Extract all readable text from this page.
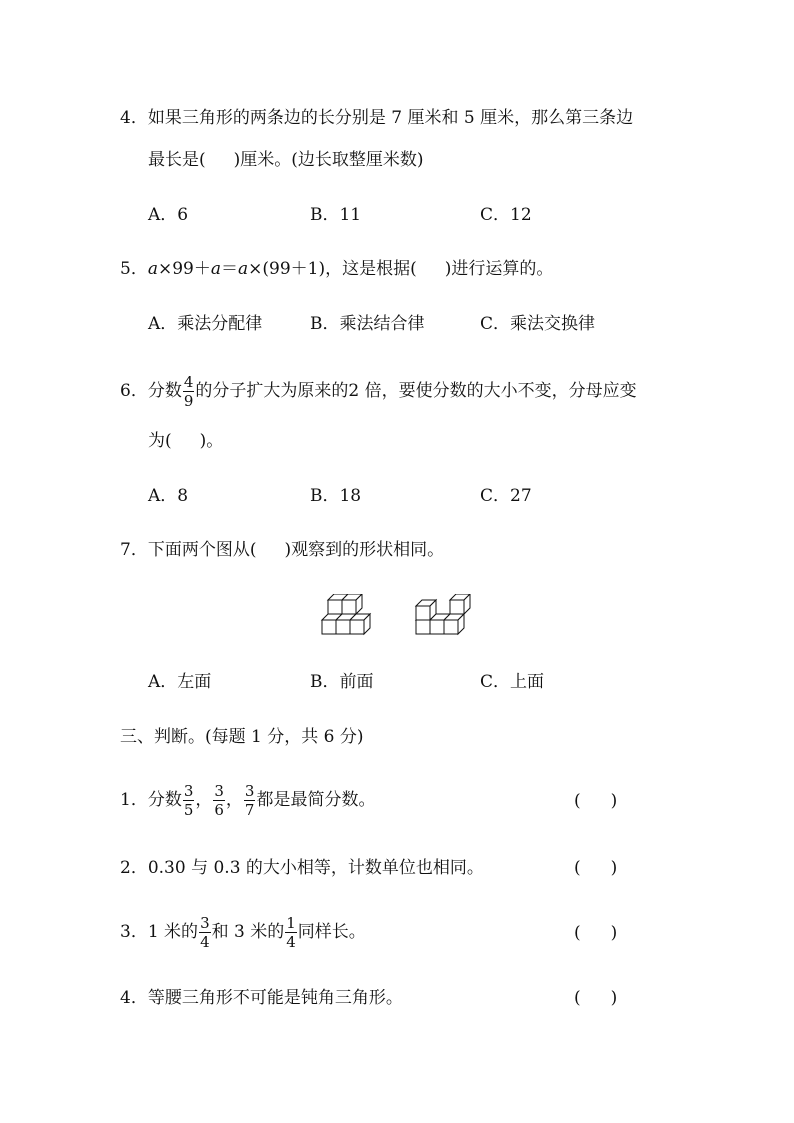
4．如果三角形的两条边的长分别是 7 厘米和 5 厘米，那么第三条边
最长是( )厘米。(边长取整厘米数)
A．6	B．11	C．12
5．a×99＋a＝a×(99＋1)，这是根据( )进行运算的。
A．乘法分配律	B．乘法结合律	C．乘法交换律
6．分数 $\frac{4}{9}$ 的分子扩大为原来的2 倍，要使分数的大小不变，分母应变
为( )。
A．8	B．18	C．27
7．下面两个图从( )观察到的形状相同。
A．左面	B．前面	C．上面
三、判断。(每题 1 分，共 6 分)
1．分数 $\frac{3}{5}$ ， $\frac{3}{6}$ ， $\frac{3}{7}$ 都是最简分数。	( )
2．0.30 与 0.3 的大小相等，计数单位也相同。	( )
3．1 米的 $\frac{3}{4}$ 和 3 米的 $\frac{1}{4}$ 同样长。	( )
4．等腰三角形不可能是钝角三角形。	( )
